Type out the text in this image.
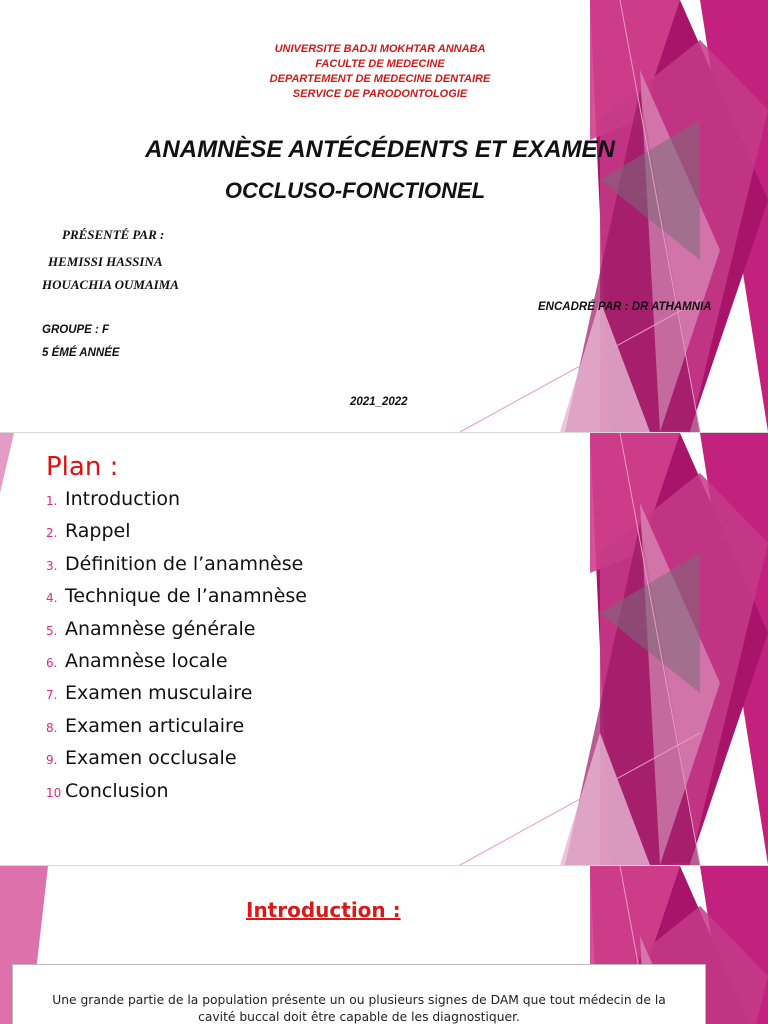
UNIVERSITE BADJI MOKHTAR ANNABA
FACULTE DE MEDECINE
DEPARTEMENT DE MEDECINE DENTAIRE
SERVICE DE PARODONTOLOGIE
ANAMNÈSE ANTÉCÉDENTS ET EXAMEN
OCCLUSO-FONCTIONEL
PRÉSENTÉ PAR :
HEMISSI HASSINA
HOUACHIA OUMAIMA
ENCADRÉ PAR : DR ATHAMNIA
GROUPE : F
5 ÉMÉ ANNÉE
2021_2022
Plan :
1. Introduction
2. Rappel
3. Définition de l’anamnèse
4. Technique de l’anamnèse
5. Anamnèse générale
6. Anamnèse locale
7. Examen musculaire
8. Examen articulaire
9. Examen occlusale
10 Conclusion
Introduction :
Une grande partie de la population présente un ou plusieurs signes de DAM que tout médecin de la
cavité buccal doit être capable de les diagnostiquer.
